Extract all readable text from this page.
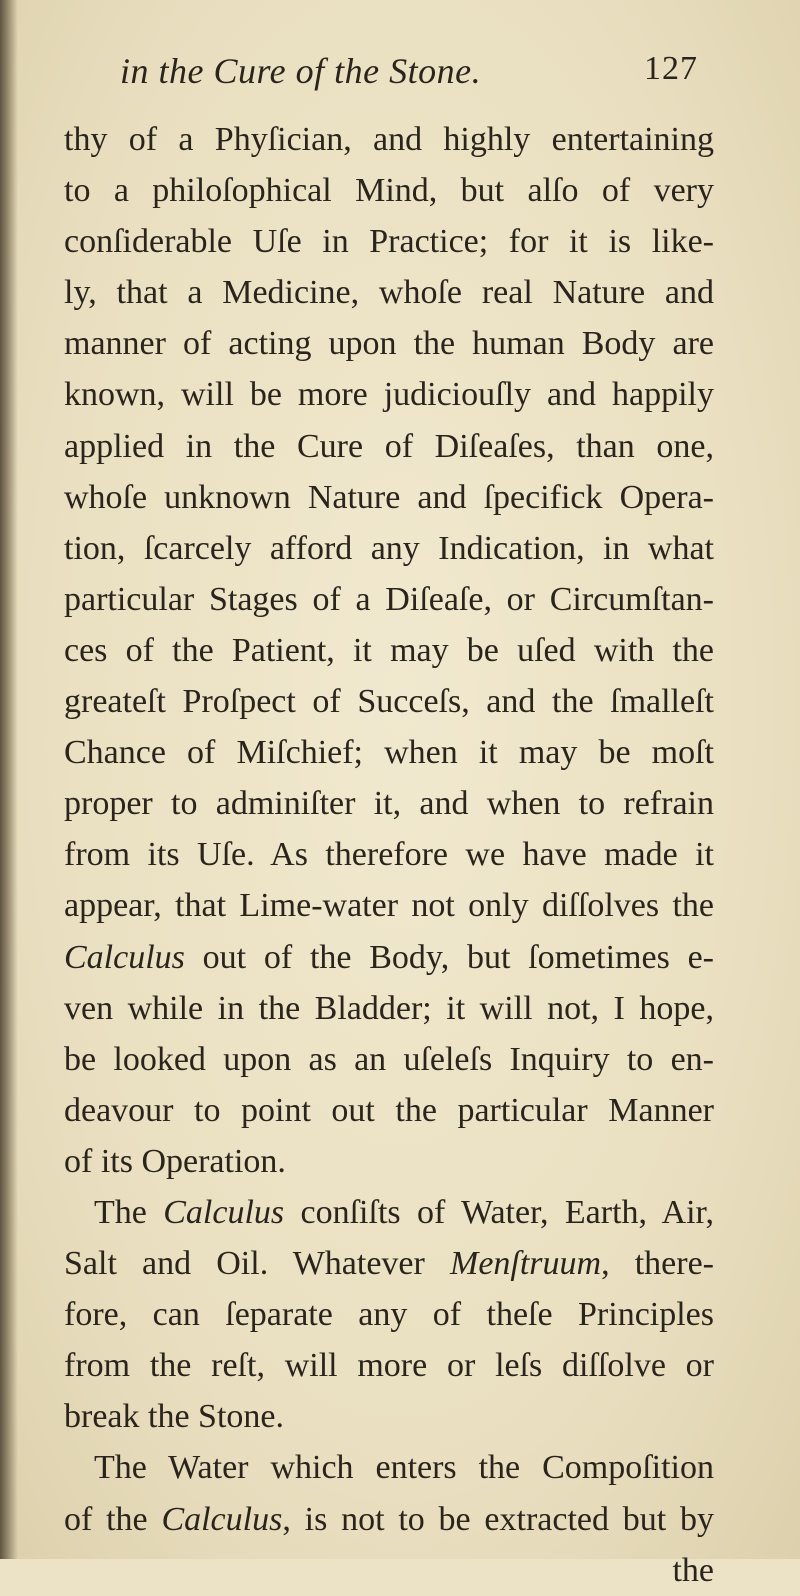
in the Cure of the Stone.	127
thy of a Phyſician, and highly entertaining
to a philoſophical Mind, but alſo of very
conſiderable Uſe in Practice; for it is like-
ly, that a Medicine, whoſe real Nature and
manner of acting upon the human Body are
known, will be more judiciouſly and happily
applied in the Cure of Diſeaſes, than one,
whoſe unknown Nature and ſpecifick Opera-
tion, ſcarcely afford any Indication, in what
particular Stages of a Diſeaſe, or Circumſtan-
ces of the Patient, it may be uſed with the
greateſt Proſpect of Succeſs, and the ſmalleſt
Chance of Miſchief; when it may be moſt
proper to adminiſter it, and when to refrain
from its Uſe. As therefore we have made it
appear, that Lime-water not only diſſolves the
Calculus out of the Body, but ſometimes e-
ven while in the Bladder; it will not, I hope,
be looked upon as an uſeleſs Inquiry to en-
deavour to point out the particular Manner
of its Operation.
The Calculus conſiſts of Water, Earth, Air,
Salt and Oil. Whatever Menſtruum, there-
fore, can ſeparate any of theſe Principles
from the reſt, will more or leſs diſſolve or
break the Stone.
The Water which enters the Compoſition
of the Calculus, is not to be extracted but by
the
